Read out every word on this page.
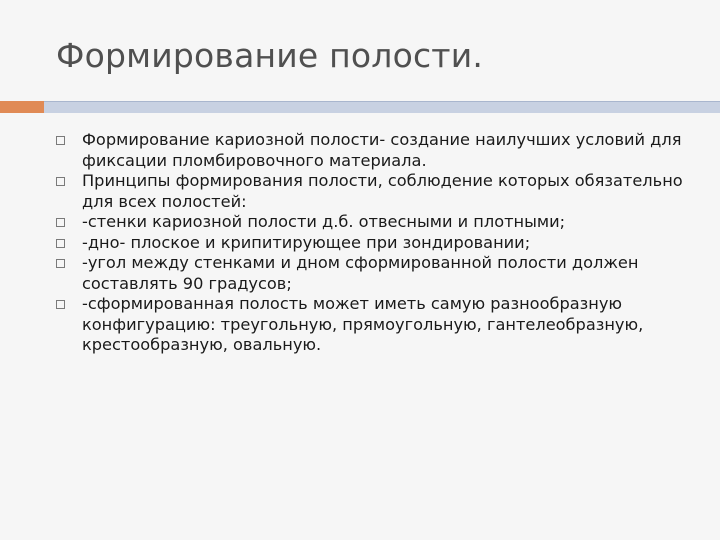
Формирование полости.
Формирование кариозной полости- создание наилучших условий для фиксации пломбировочного материала.
Принципы формирования полости, соблюдение которых обязательно для всех полостей:
-стенки кариозной полости д.б. отвесными и плотными;
-дно- плоское и крипитирующее при зондировании;
-угол между стенками и дном сформированной полости должен составлять 90 градусов;
-сформированная полость может иметь самую разнообразную конфигурацию: треугольную, прямоугольную, гантелеобразную, крестообразную, овальную.
